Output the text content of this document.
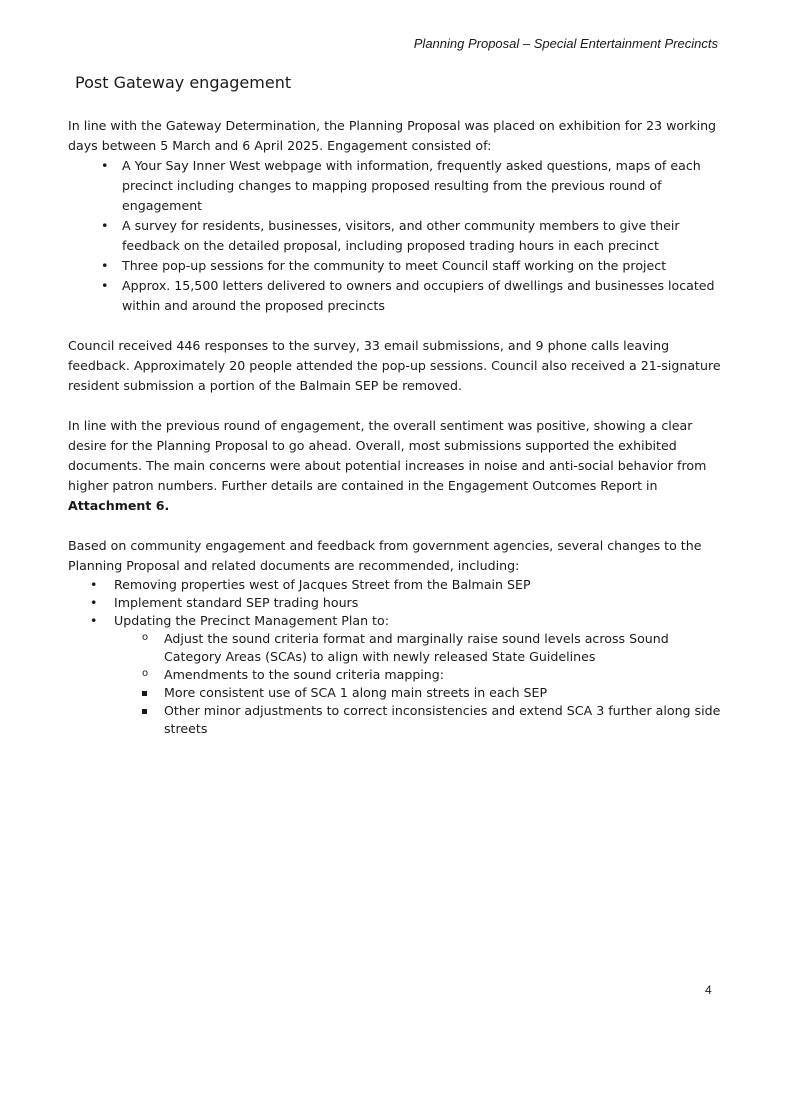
Planning Proposal – Special Entertainment Precincts
Post Gateway engagement

In line with the Gateway Determination, the Planning Proposal was placed on exhibition for 23 working days between 5 March and 6 April 2025. Engagement consisted of:

• A Your Say Inner West webpage with information, frequently asked questions, maps of each precinct including changes to mapping proposed resulting from the previous round of engagement
• A survey for residents, businesses, visitors, and other community members to give their feedback on the detailed proposal, including proposed trading hours in each precinct
• Three pop-up sessions for the community to meet Council staff working on the project
• Approx. 15,500 letters delivered to owners and occupiers of dwellings and businesses located within and around the proposed precincts

Council received 446 responses to the survey, 33 email submissions, and 9 phone calls leaving feedback. Approximately 20 people attended the pop-up sessions. Council also received a 21-signature resident submission a portion of the Balmain SEP be removed.

In line with the previous round of engagement, the overall sentiment was positive, showing a clear desire for the Planning Proposal to go ahead. Overall, most submissions supported the exhibited documents. The main concerns were about potential increases in noise and anti-social behavior from higher patron numbers. Further details are contained in the Engagement Outcomes Report in Attachment 6.

Based on community engagement and feedback from government agencies, several changes to the Planning Proposal and related documents are recommended, including:

• Removing properties west of Jacques Street from the Balmain SEP
• Implement standard SEP trading hours
• Updating the Precinct Management Plan to:
o Adjust the sound criteria format and marginally raise sound levels across Sound Category Areas (SCAs) to align with newly released State Guidelines
o Amendments to the sound criteria mapping:
More consistent use of SCA 1 along main streets in each SEP
Other minor adjustments to correct inconsistencies and extend SCA 3 further along side streets
4
